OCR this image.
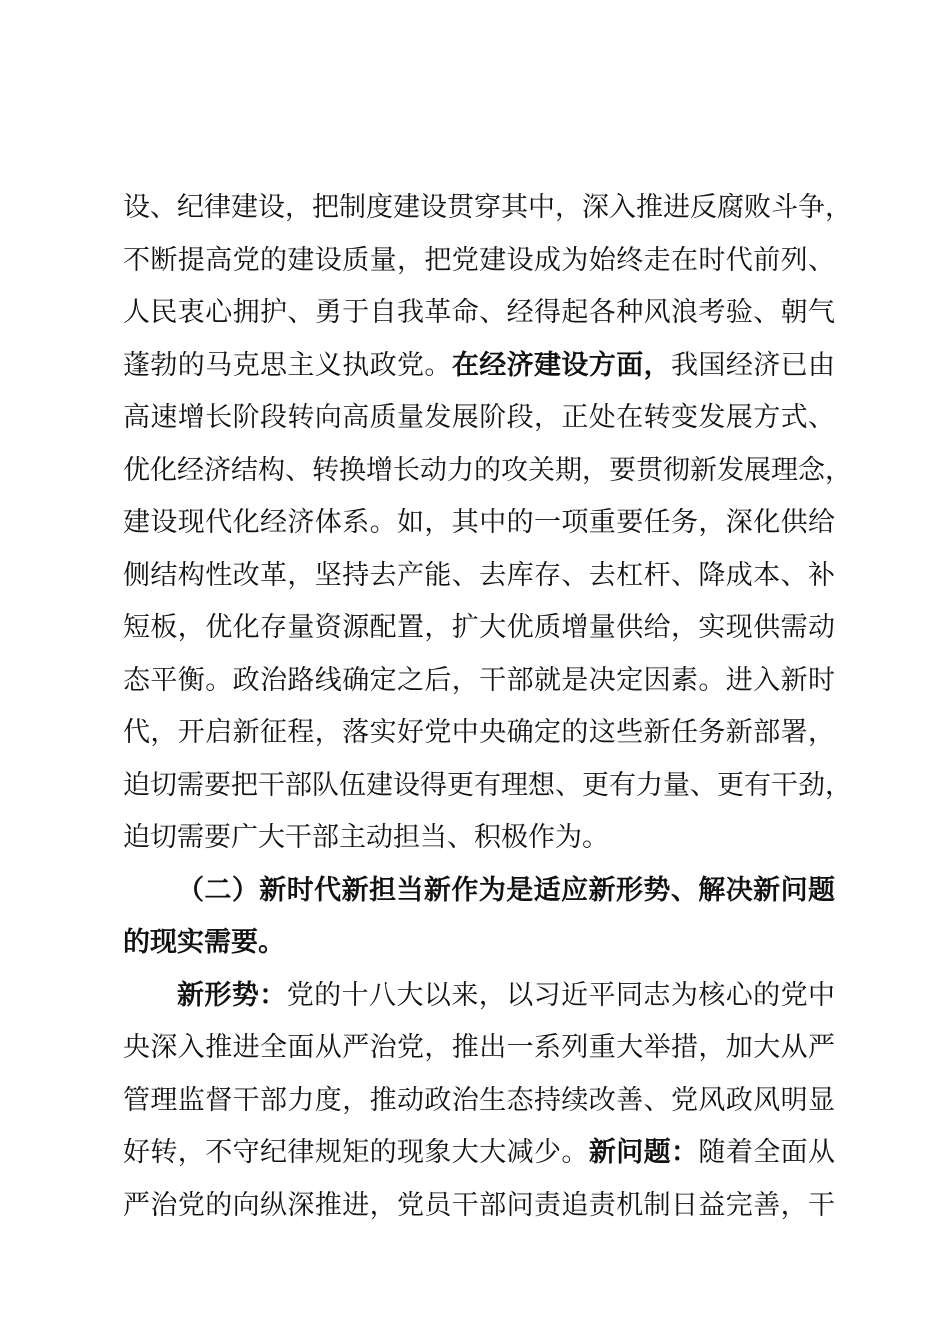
设、纪律建设，把制度建设贯穿其中，深入推进反腐败斗争，
不断提高党的建设质量，把党建设成为始终走在时代前列、
人民衷心拥护、勇于自我革命、经得起各种风浪考验、朝气
蓬勃的马克思主义执政党。在经济建设方面，我国经济已由
高速增长阶段转向高质量发展阶段，正处在转变发展方式、
优化经济结构、转换增长动力的攻关期，要贯彻新发展理念，
建设现代化经济体系。如，其中的一项重要任务，深化供给
侧结构性改革，坚持去产能、去库存、去杠杆、降成本、补
短板，优化存量资源配置，扩大优质增量供给，实现供需动
态平衡。政治路线确定之后，干部就是决定因素。进入新时
代，开启新征程，落实好党中央确定的这些新任务新部署，
迫切需要把干部队伍建设得更有理想、更有力量、更有干劲，
迫切需要广大干部主动担当、积极作为。
（二）新时代新担当新作为是适应新形势、解决新问题
的现实需要。
新形势：党的十八大以来，以习近平同志为核心的党中
央深入推进全面从严治党，推出一系列重大举措，加大从严
管理监督干部力度，推动政治生态持续改善、党风政风明显
好转，不守纪律规矩的现象大大减少。新问题：随着全面从
严治党的向纵深推进，党员干部问责追责机制日益完善，干
